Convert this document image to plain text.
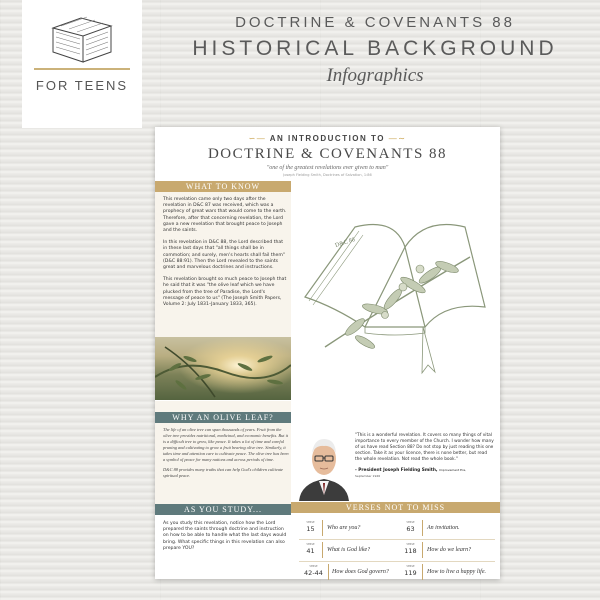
FOR TEENS
DOCTRINE & COVENANTS 88
HISTORICAL BACKGROUND
Infographics
∽— AN INTRODUCTION TO —∼
DOCTRINE & COVENANTS 88
"one of the greatest revelations ever given to man"
Joseph Fielding Smith, Doctrines of Salvation, 1:86
WHAT TO KNOW

This revelation came only two days after the revelation in D&C 87 was received, which was a prophecy of great wars that would come to the earth. Therefore, after that concerning revelation, the Lord gave a new revelation that brought peace to Joseph and the saints.

In this revelation in D&C 88, the Lord described that in these last days that "all things shall be in commotion; and surely, men's hearts shall fail them" (D&C 88:91). Then the Lord revealed to the saints great and marvelous doctrines and instructions.

This revelation brought so much peace to Joseph that he said that it was "the olive leaf which we have plucked from the tree of Paradise, the Lord's message of peace to us" (The Joseph Smith Papers, Volume 2: July 1831–January 1833, 365).

WHY AN OLIVE LEAF?

The life of an olive tree can span thousands of years. Fruit from the olive tree provides nutritional, medicinal, and economic benefits. But it is a difficult tree to grow, like peace. It takes a lot of time and careful pruning and cultivating to grow a fruit bearing olive tree. Similarly, it takes time and attention care to cultivate peace. The olive tree has been a symbol of peace for many nations and across periods of time.

D&C 88 provides many truths that can help God's children cultivate spiritual peace.

AS YOU STUDY...
As you study this revelation, notice how the Lord prepared the saints through doctrine and instruction on how to be able to handle what the last days would bring. What specific things in this revelation can also prepare YOU?
D&C 88
"This is a wonderful revelation. It covers so many things of vital importance to every member of the Church. I wonder how many of us have read Section 88? Do not stop by just reading this one section. Take it as your licence, there is none better, but read the whole revelation. Not read the whole book."
- President Joseph Fielding Smith, Improvement Era,
September 1926
VERSES NOT TO MISS
VERSE
15	Who are you?
VERSE
63	An invitation.
VERSE
41	What is God like?
VERSE
118	How do we learn?
VERSE
42-44	How does God govern?
VERSE
119	How to live a happy life.
